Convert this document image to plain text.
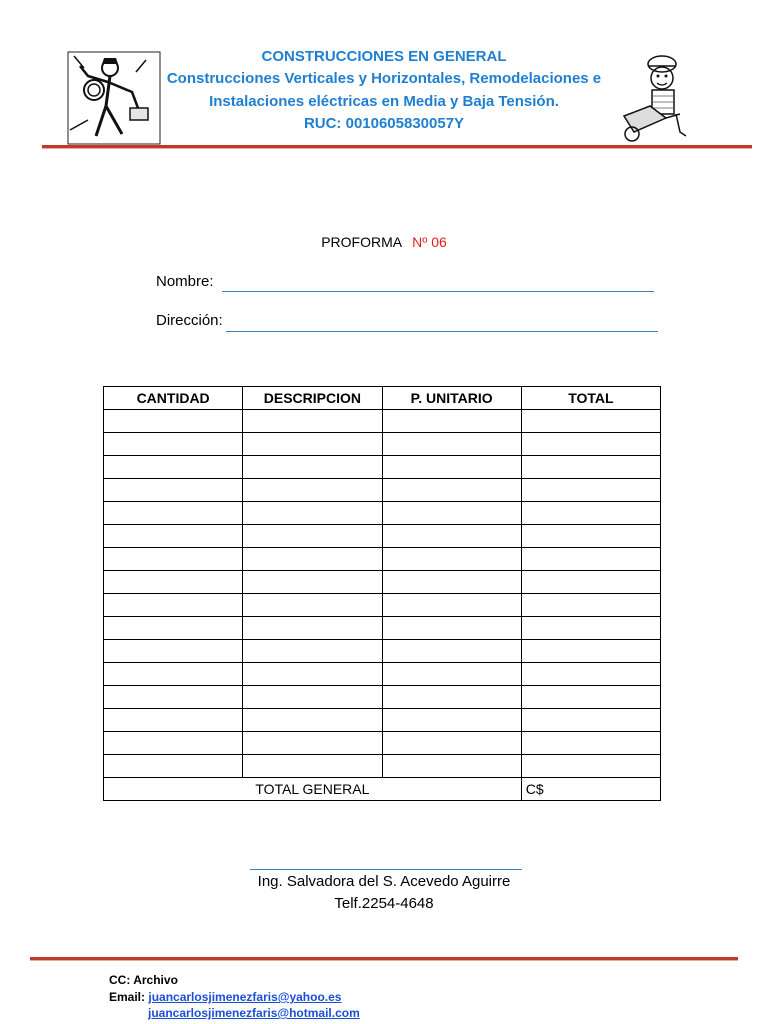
CONSTRUCCIONES EN GENERAL
Construcciones Verticales y Horizontales, Remodelaciones e
Instalaciones eléctricas en Media y Baja Tensión.
RUC: 0010605830057Y
PROFORMA Nº 06
Nombre:
Dirección:
CANTIDAD	DESCRIPCION	P. UNITARIO	TOTAL

TOTAL GENERAL			C$
Ing. Salvadora del S. Acevedo Aguirre
Telf.2254-4648
CC: Archivo
Email: juancarlosjimenezfaris@yahoo.es
juancarlosjimenezfaris@hotmail.com
